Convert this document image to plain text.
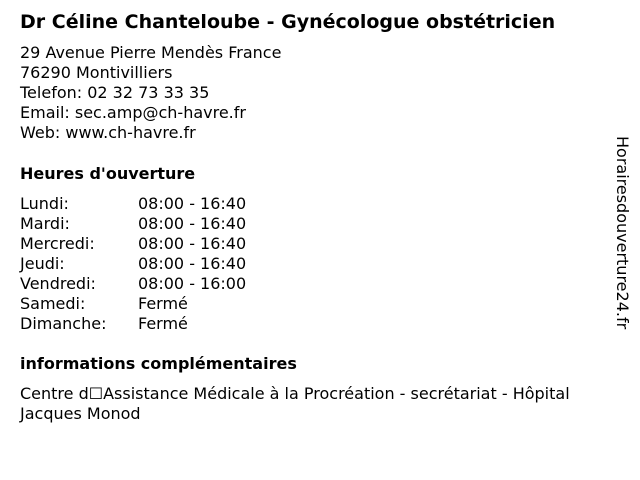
Dr Céline Chanteloube - Gynécologue obstétricien
29 Avenue Pierre Mendès France
76290 Montivilliers
Telefon: 02 32 73 33 35
Email: sec.amp@ch-havre.fr
Web: www.ch-havre.fr
Heures d'ouverture
Lundi:	08:00 - 16:40
Mardi:	08:00 - 16:40
Mercredi:	08:00 - 16:40
Jeudi:	08:00 - 16:40
Vendredi:	08:00 - 16:00
Samedi:	Fermé
Dimanche:	Fermé
informations complémentaires
Centre d☐Assistance Médicale à la Procréation - secrétariat - Hôpital Jacques Monod
Horairesdouverture24.fr
